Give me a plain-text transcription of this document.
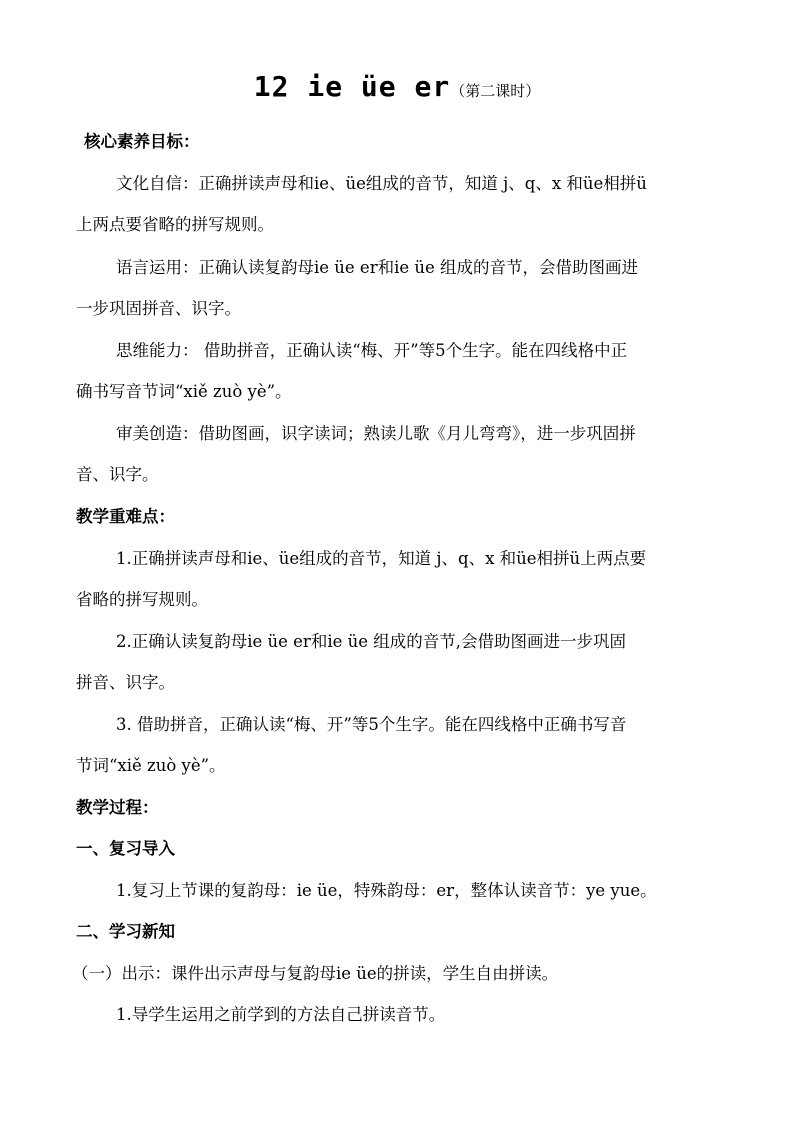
12 ie üe er（第二课时）
核心素养目标：
文化自信：正确拼读声母和ie、üe组成的音节，知道 j、q、x 和üe相拼ü
上两点要省略的拼写规则。
语言运用：正确认读复韵母ie üe er和ie üe 组成的音节，会借助图画进
一步巩固拼音、识字。
思维能力： 借助拼音，正确认读“梅、开”等5个生字。能在四线格中正
确书写音节词“xiě zuò yè”。
审美创造：借助图画，识字读词；熟读儿歌《月儿弯弯》，进一步巩固拼
音、识字。
教学重难点：
1.正确拼读声母和ie、üe组成的音节，知道 j、q、x 和üe相拼ü上两点要
省略的拼写规则。
2.正确认读复韵母ie üe er和ie üe 组成的音节,会借助图画进一步巩固
拼音、识字。
3. 借助拼音，正确认读“梅、开”等5个生字。能在四线格中正确书写音
节词“xiě zuò yè”。
教学过程：
一、复习导入
1.复习上节课的复韵母：ie üe，特殊韵母：er，整体认读音节：ye yue。
二、学习新知
（一）出示：课件出示声母与复韵母ie üe的拼读，学生自由拼读。
1.导学生运用之前学到的方法自己拼读音节。
